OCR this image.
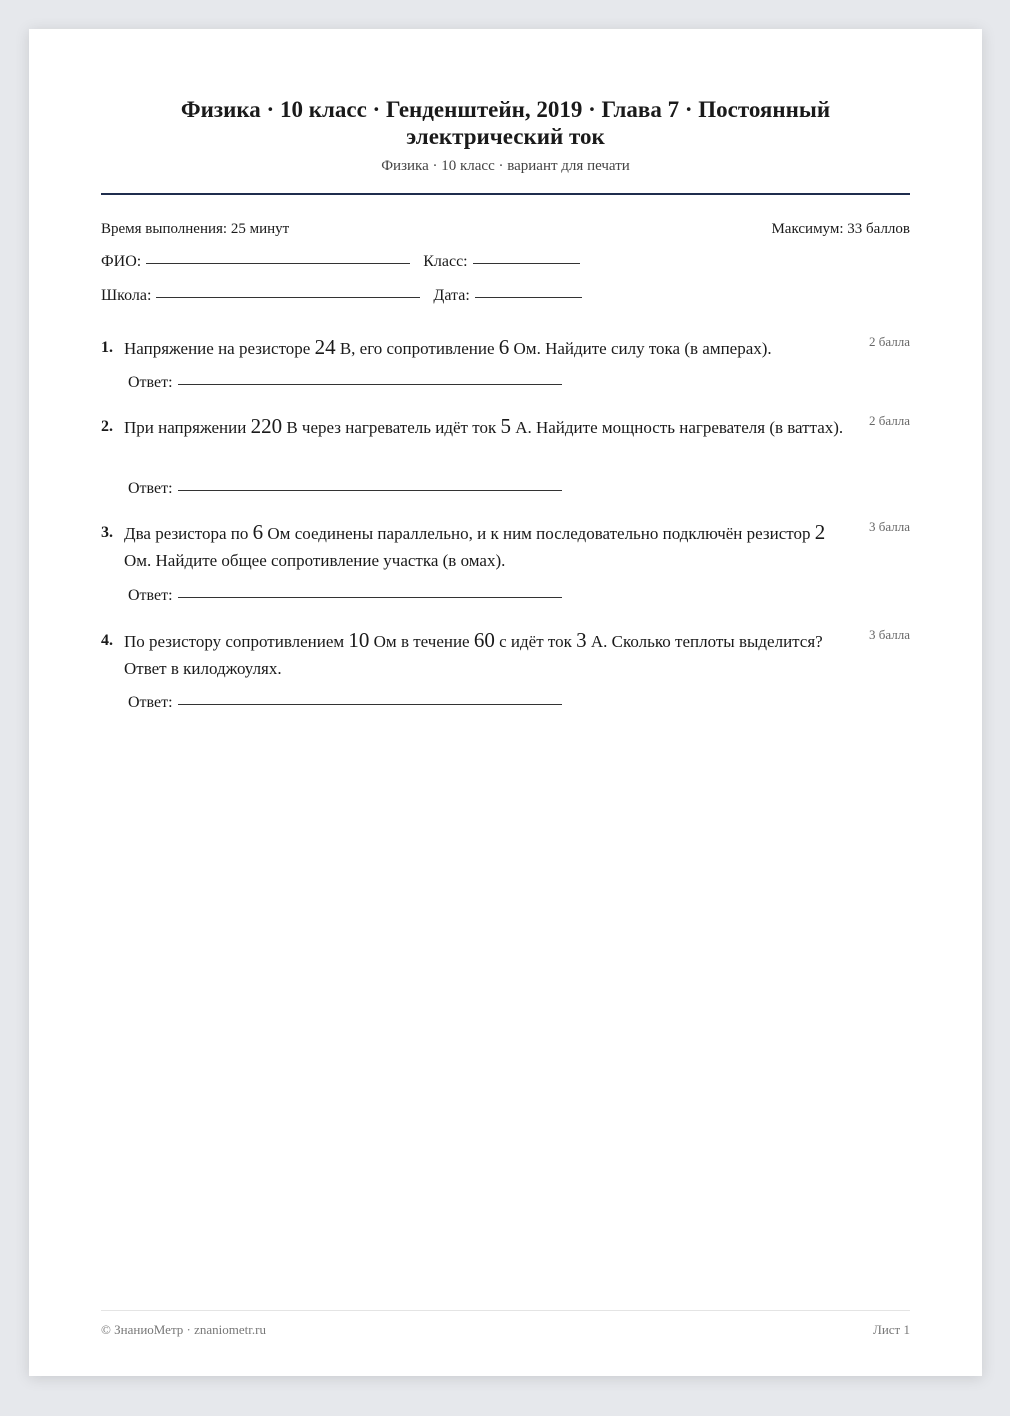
Физика · 10 класс · Генденштейн, 2019 · Глава 7 · Постоянный электрический ток
Физика · 10 класс · вариант для печати
Время выполнения: 25 минут	Максимум: 33 баллов
ФИО:	Класс:
Школа:	Дата:
1. Напряжение на резисторе 24 В, его сопротивление 6 Ом. Найдите силу тока (в амперах).	2 балла
Ответ:
2. При напряжении 220 В через нагреватель идёт ток 5 А. Найдите мощность нагревателя (в ваттах).	2 балла
Ответ:
3. Два резистора по 6 Ом соединены параллельно, и к ним последовательно подключён резистор 2 Ом. Найдите общее сопротивление участка (в омах).
3 балла
Ответ:
4. По резистору сопротивлением 10 Ом в течение 60 с идёт ток 3 А. Сколько теплоты выделится? Ответ в килоджоулях.
3 балла
Ответ:
© ЗнаниоМетр · znaniometr.ru	Лист 1
